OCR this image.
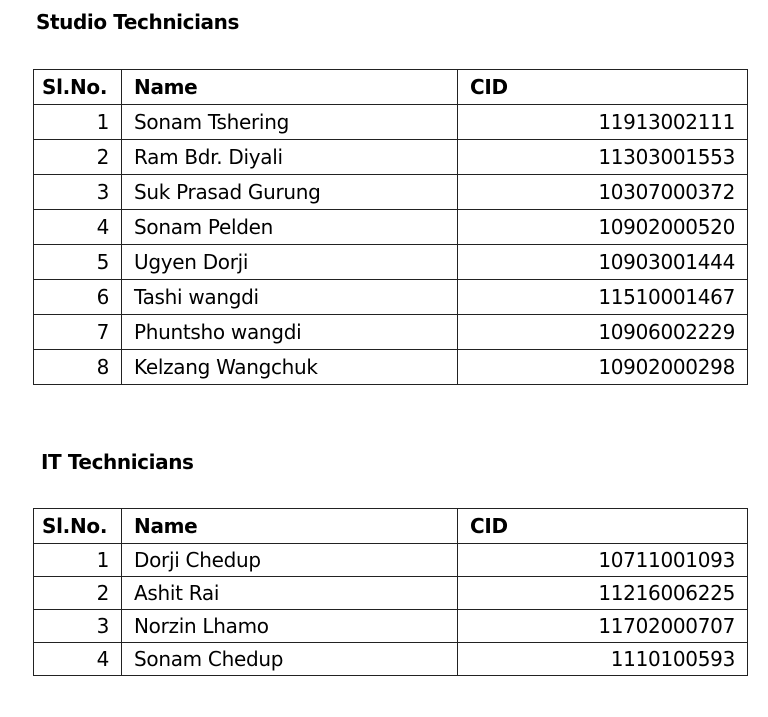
Studio Technicians
Sl.No.	Name	CID
1	Sonam Tshering	11913002111
2	Ram Bdr. Diyali	11303001553
3	Suk Prasad Gurung	10307000372
4	Sonam Pelden	10902000520
5	Ugyen Dorji	10903001444
6	Tashi wangdi	11510001467
7	Phuntsho wangdi	10906002229
8	Kelzang Wangchuk	10902000298
IT Technicians
Sl.No.	Name	CID
1	Dorji Chedup	10711001093
2	Ashit Rai	11216006225
3	Norzin Lhamo	11702000707
4	Sonam Chedup	1110100593
